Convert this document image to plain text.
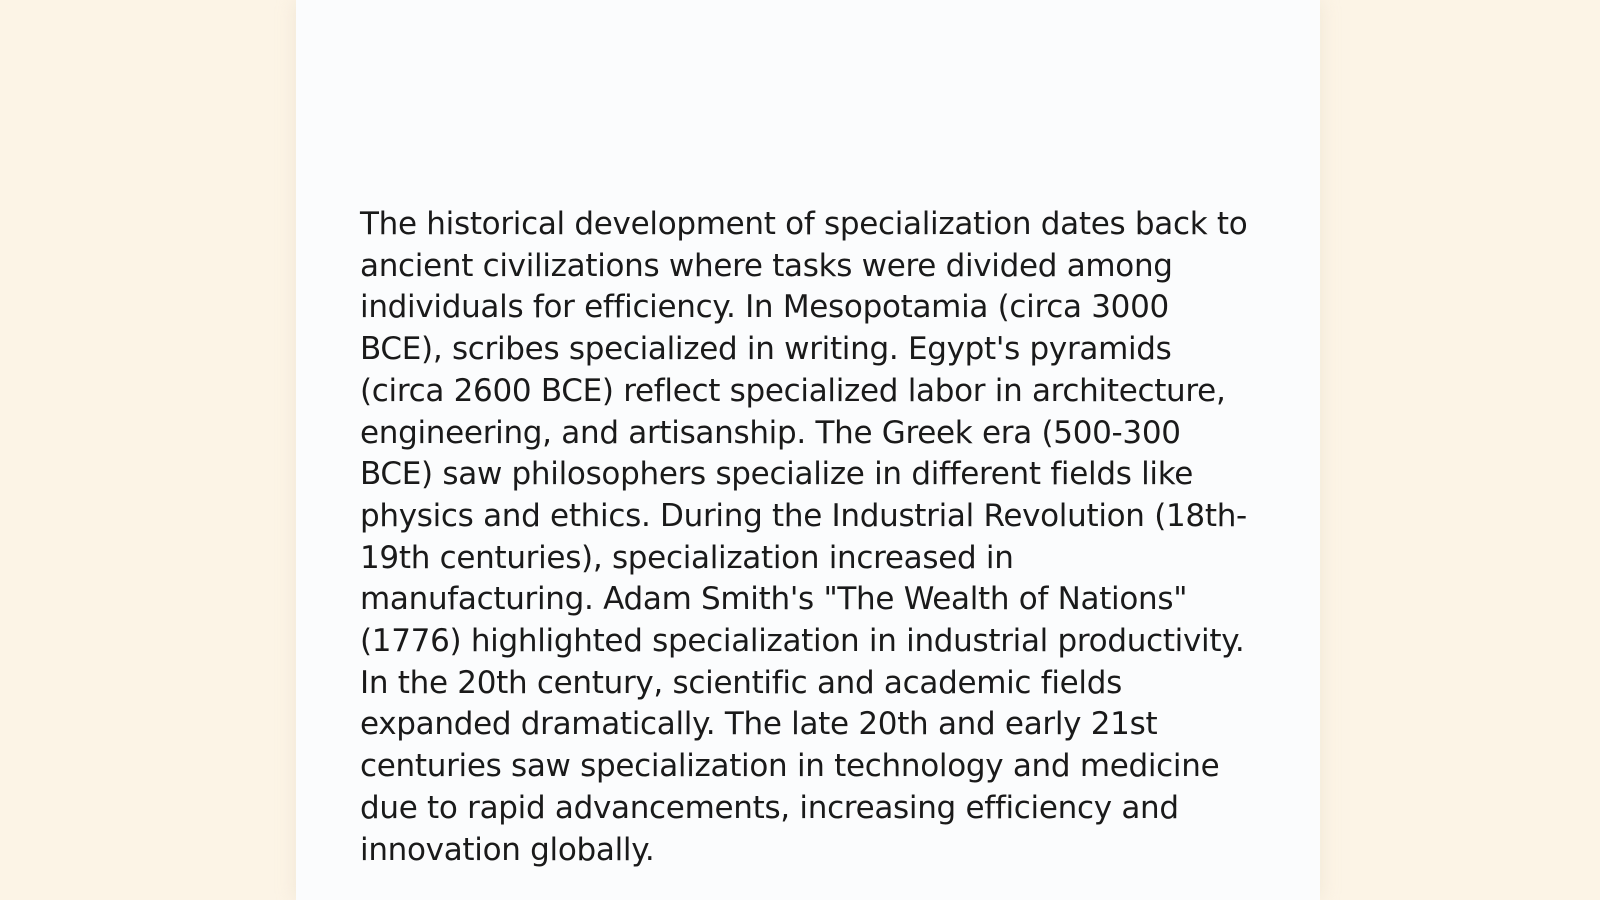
The historical development of specialization dates back to ancient civilizations where tasks were divided among individuals for efficiency. In Mesopotamia (circa 3000 BCE), scribes specialized in writing. Egypt's pyramids (circa 2600 BCE) reflect specialized labor in architecture, engineering, and artisanship. The Greek era (500-300 BCE) saw philosophers specialize in different fields like physics and ethics. During the Industrial Revolution (18th-19th centuries), specialization increased in manufacturing. Adam Smith's "The Wealth of Nations" (1776) highlighted specialization in industrial productivity. In the 20th century, scientific and academic fields expanded dramatically. The late 20th and early 21st centuries saw specialization in technology and medicine due to rapid advancements, increasing efficiency and innovation globally.
